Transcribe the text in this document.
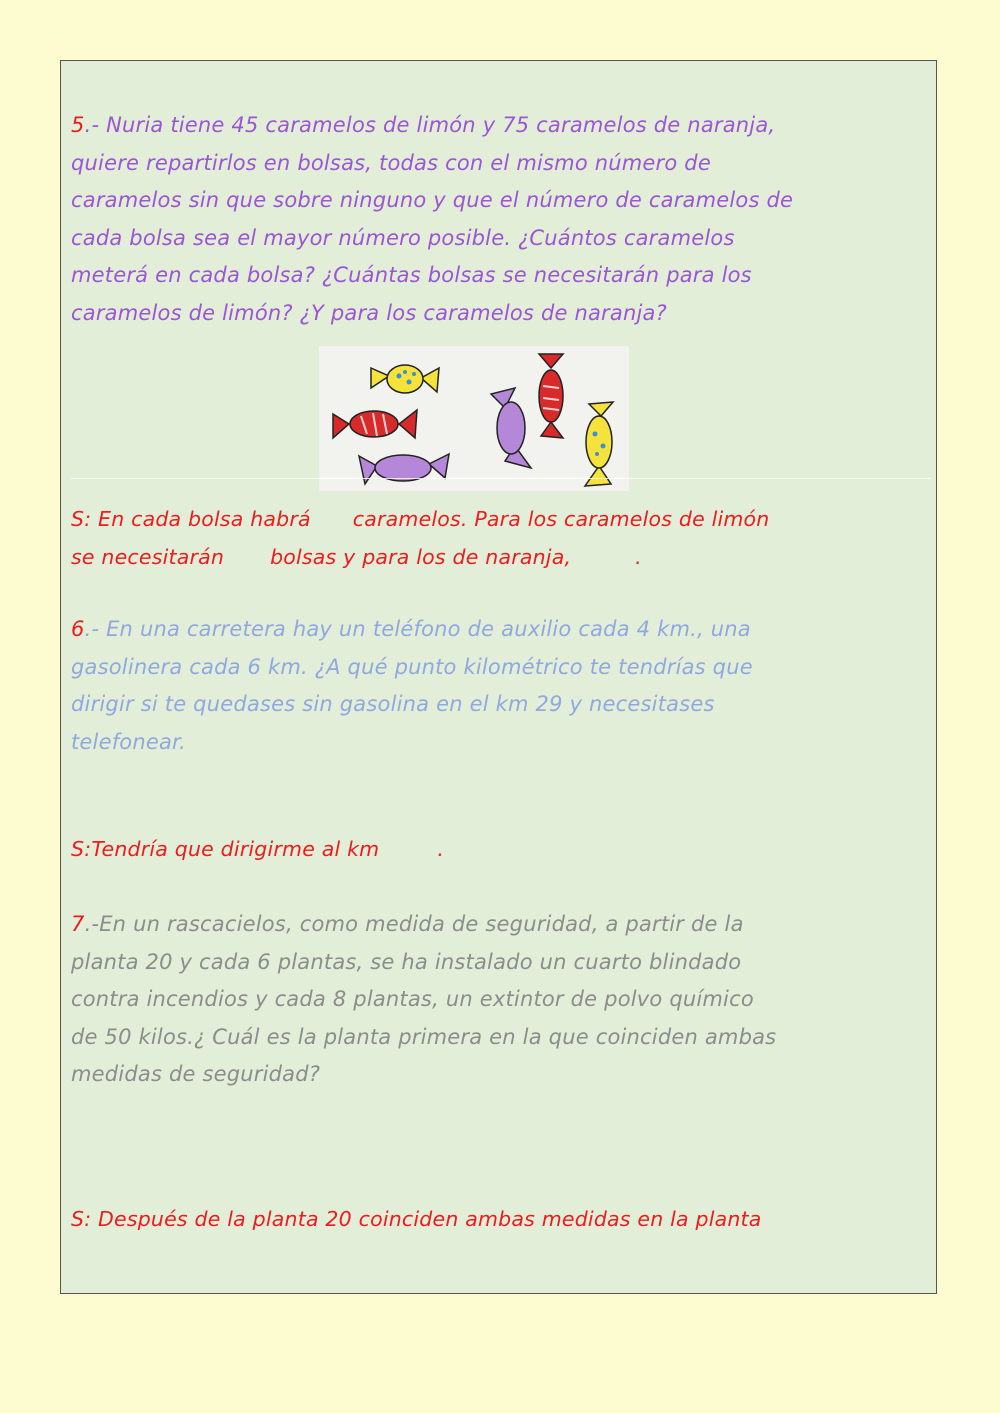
5.- Nuria tiene 45 caramelos de limón y 75 caramelos de naranja,
quiere repartirlos en bolsas, todas con el mismo número de
caramelos sin que sobre ninguno y que el número de caramelos de
cada bolsa sea el mayor número posible. ¿Cuántos caramelos
meterá en cada bolsa? ¿Cuántas bolsas se necesitarán para los
caramelos de limón? ¿Y para los caramelos de naranja?

S: En cada bolsa habrá caramelos. Para los caramelos de limón
se necesitarán bolsas y para los de naranja,	.

6.- En una carretera hay un teléfono de auxilio cada 4 km., una
gasolinera cada 6 km. ¿A qué punto kilométrico te tendrías que
dirigir si te quedases sin gasolina en el km 29 y necesitases
telefonear.

S:Tendría que dirigirme al km	.

7.-En un rascacielos, como medida de seguridad, a partir de la
planta 20 y cada 6 plantas, se ha instalado un cuarto blindado
contra incendios y cada 8 plantas, un extintor de polvo químico
de 50 kilos.¿ Cuál es la planta primera en la que coinciden ambas
medidas de seguridad?

S: Después de la planta 20 coinciden ambas medidas en la planta
